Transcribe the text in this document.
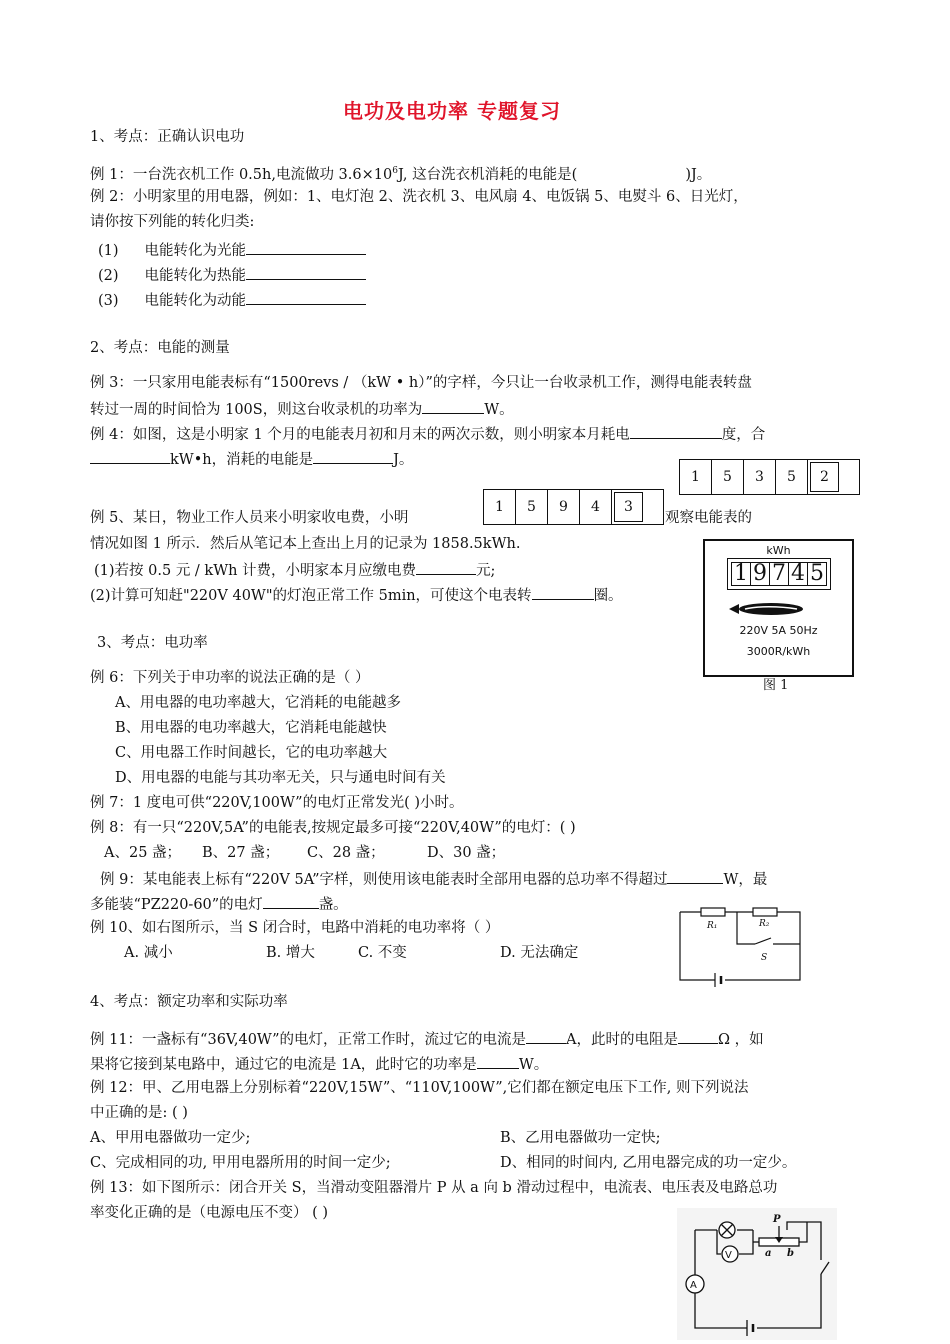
电功及电功率 专题复习
1、考点：正确认识电功
例 1：一台洗衣机工作 0.5h,电流做功 $3.6\times 10^6J$, 这台洗衣机消耗的电能是(	)J。
例 2：小明家里的用电器，例如：1、电灯泡 2、洗衣机 3、电风扇 4、电饭锅 5、电熨斗 6、日光灯，
请你按下列能的转化归类:
(1) 电能转化为光能
(2) 电能转化为热能
(3) 电能转化为动能
2、考点：电能的测量
例 3：一只家用电能表标有“1500revs / （kW • h）”的字样，今只让一台收录机工作，测得电能表转盘
转过一周的时间恰为 100S，则这台收录机的功率为	W。
例 4：如图，这是小明家 1 个月的电能表月初和月末的两次示数，则小明家本月耗电	度，合
kW•h，消耗的电能是	J。
1	5	3	5	2
1	5	9	4	3
例 5、某日，物业工作人员来小明家收电费，小明	观察电能表的
情况如图 1 所示．然后从笔记本上查出上月的记录为 1858.5kWh.
(1)若按 0.5 元 / kWh 计费，小明家本月应缴电费	元;
(2)计算可知赶"220V 40W"的灯泡正常工作 5min，可使这个电表转	圈。
kWh
1 9 7 4 5
220V 5A 50Hz
3000R/kWh
图 1
3、考点：电功率
例 6：下列关于申功率的说法正确的是（ ）
A、用电器的电功率越大，它消耗的电能越多
B、用电器的电功率越大，它消耗电能越快
C、用电器工作时间越长，它的电功率越大
D、用电器的电能与其功率无关，只与通电时间有关
例 7：1 度电可供“220V,100W”的电灯正常发光( )小时。
例 8：有一只“220V,5A”的电能表,按规定最多可接“220V,40W”的电灯：( )
A、25 盏； B、27 盏； C、28 盏；	D、30 盏；
例 9：某电能表上标有“220V 5A”字样，则使用该电能表时全部用电器的总功率不得超过	W，最
多能装“PZ220-60”的电灯	盏。
例 10、如右图所示，当 S 闭合时，电路中消耗的电功率将（ ）
A. 减小	B. 增大	C. 不变	D. 无法确定
R₁	R₂
S
4、考点：额定功率和实际功率
例 11：一盏标有“36V,40W”的电灯，正常工作时，流过它的电流是	A，此时的电阻是	Ω ，如
果将它接到某电路中，通过它的电流是 1A，此时它的功率是	W。
例 12：甲、乙用电器上分别标着“220V,15W”、“110V,100W”,它们都在额定电压下工作, 则下列说法
中正确的是: ( )
A、甲用电器做功一定少;	B、乙用电器做功一定快;
C、完成相同的功, 甲用电器所用的时间一定少;	D、相同的时间内, 乙用电器完成的功一定少。
例 13：如下图所示：闭合开关 S，当滑动变阻器滑片 P 从 a 向 b 滑动过程中，电流表、电压表及电路总功
率变化正确的是（电源电压不变） ( )
V
A
P
a b
